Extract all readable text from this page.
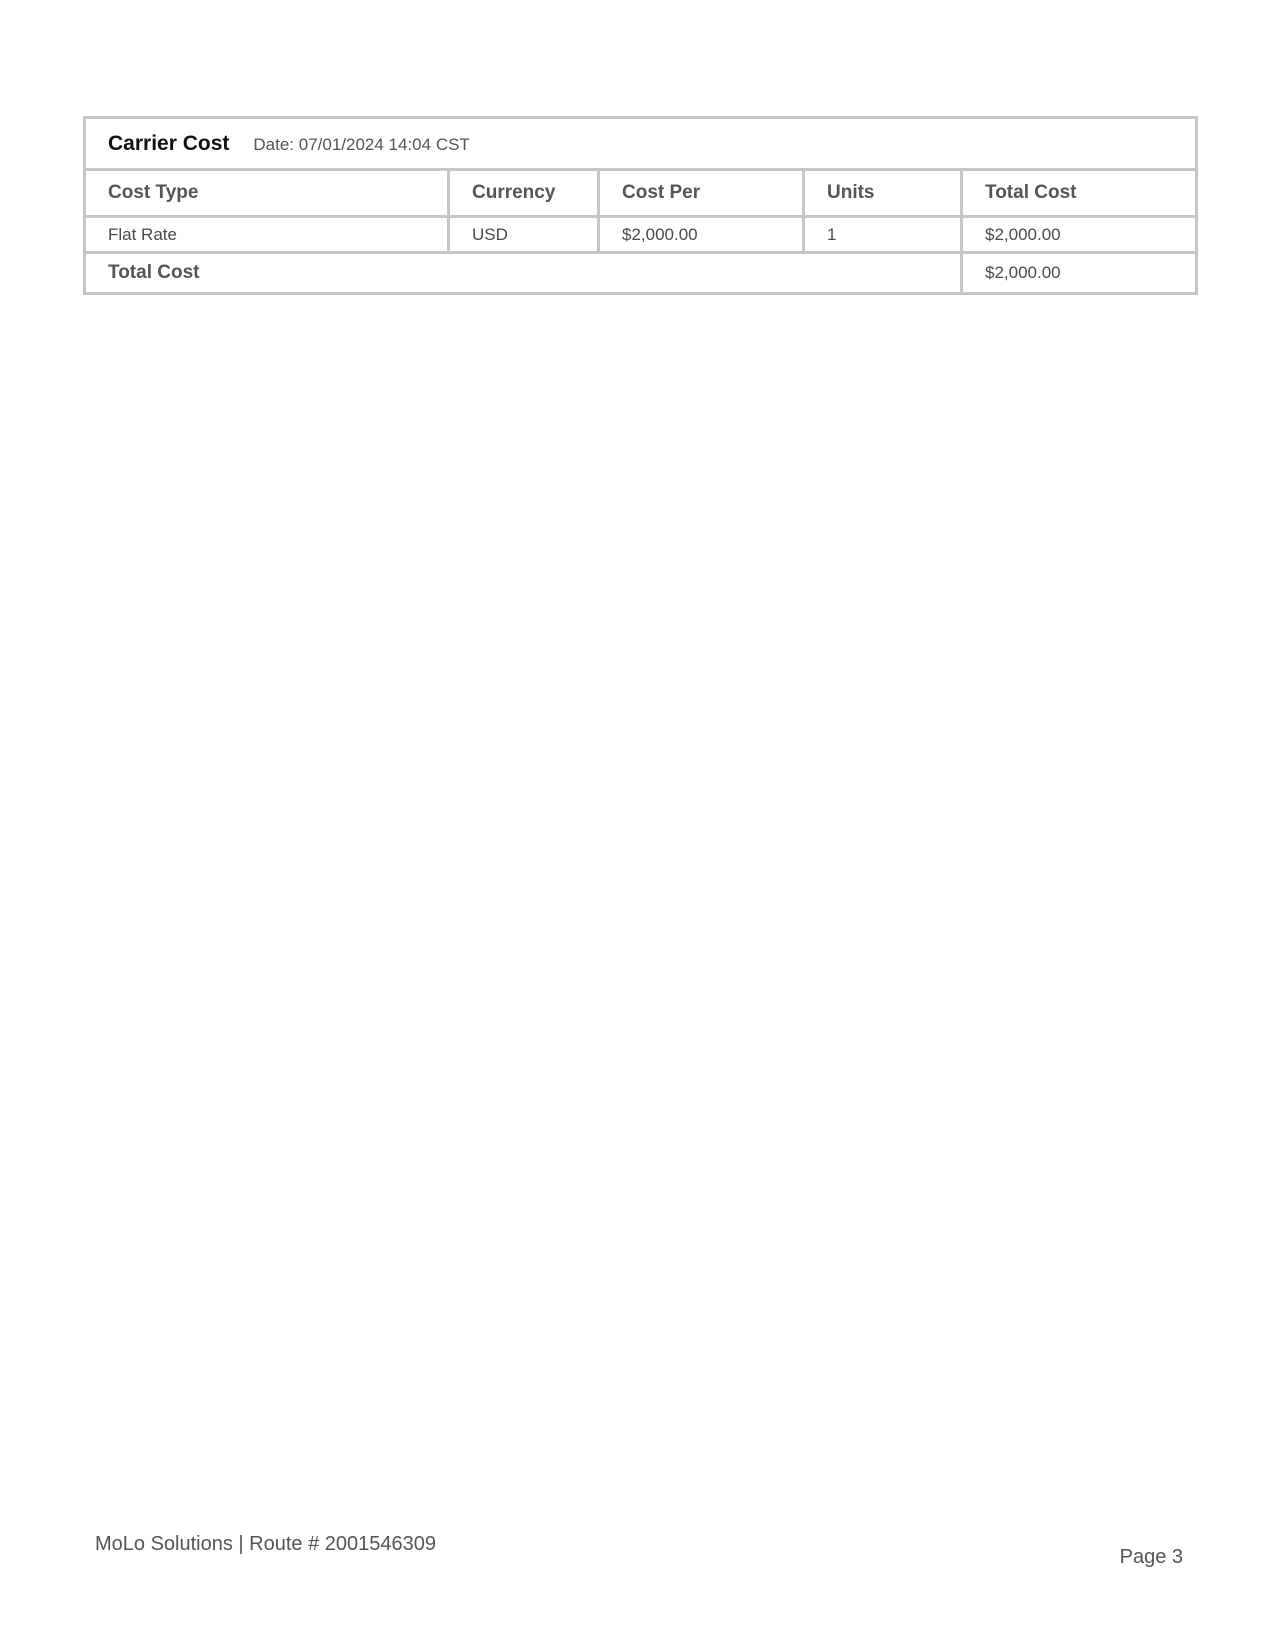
Carrier Cost Date: 07/01/2024 14:04 CST				
Cost Type	Currency	Cost Per	Units	Total Cost
Flat Rate	USD	$2,000.00	1	$2,000.00
Total Cost				$2,000.00
MoLo Solutions | Route # 2001546309
Page 3
